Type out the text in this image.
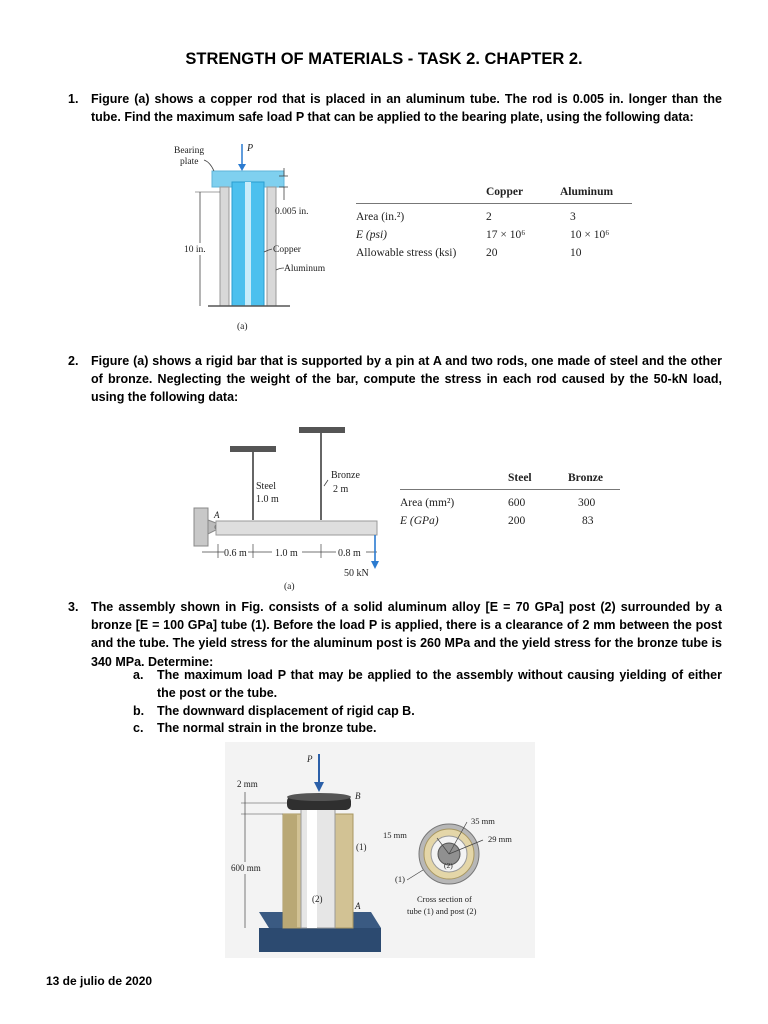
STRENGTH OF MATERIALS - TASK 2. CHAPTER 2.
1. Figure (a) shows a copper rod that is placed in an aluminum tube. The rod is 0.005 in. longer than the tube. Find the maximum safe load P that can be applied to the bearing plate, using the following data:
P
Bearing
plate
0.005 in.
10 in.	Copper
Aluminum
(a)
	Copper	Aluminum
Area (in.²)	2	3
E (psi)	17 × 10⁶	10 × 10⁶
Allowable stress (ksi)	20	10
2. Figure (a) shows a rigid bar that is supported by a pin at A and two rods, one made of steel and the other of bronze. Neglecting the weight of the bar, compute the stress in each rod caused by the 50-kN load, using the following data:
A
Steel
1.0 m
Bronze
2 m
0.6 m	1.0 m	0.8 m
50 kN
(a)
	Steel	Bronze
Area (mm²)	600	300
E (GPa)	200	83
3. The assembly shown in Fig. consists of a solid aluminum alloy [E = 70 GPa] post (2) surrounded by a bronze [E = 100 GPa] tube (1). Before the load P is applied, there is a clearance of 2 mm between the post and the tube. The yield stress for the aluminum post is 260 MPa and the yield stress for the bronze tube is 340 MPa. Determine:
a. The maximum load P that may be applied to the assembly without causing yielding of either the post or the tube.
b. The downward displacement of rigid cap B.
c. The normal strain in the bronze tube.
P
B
(1)
(2)
A
2 mm
600 mm
35 mm
15 mm	29 mm
(2)
(1)
Cross section of
tube (1) and post (2)
13 de julio de 2020
